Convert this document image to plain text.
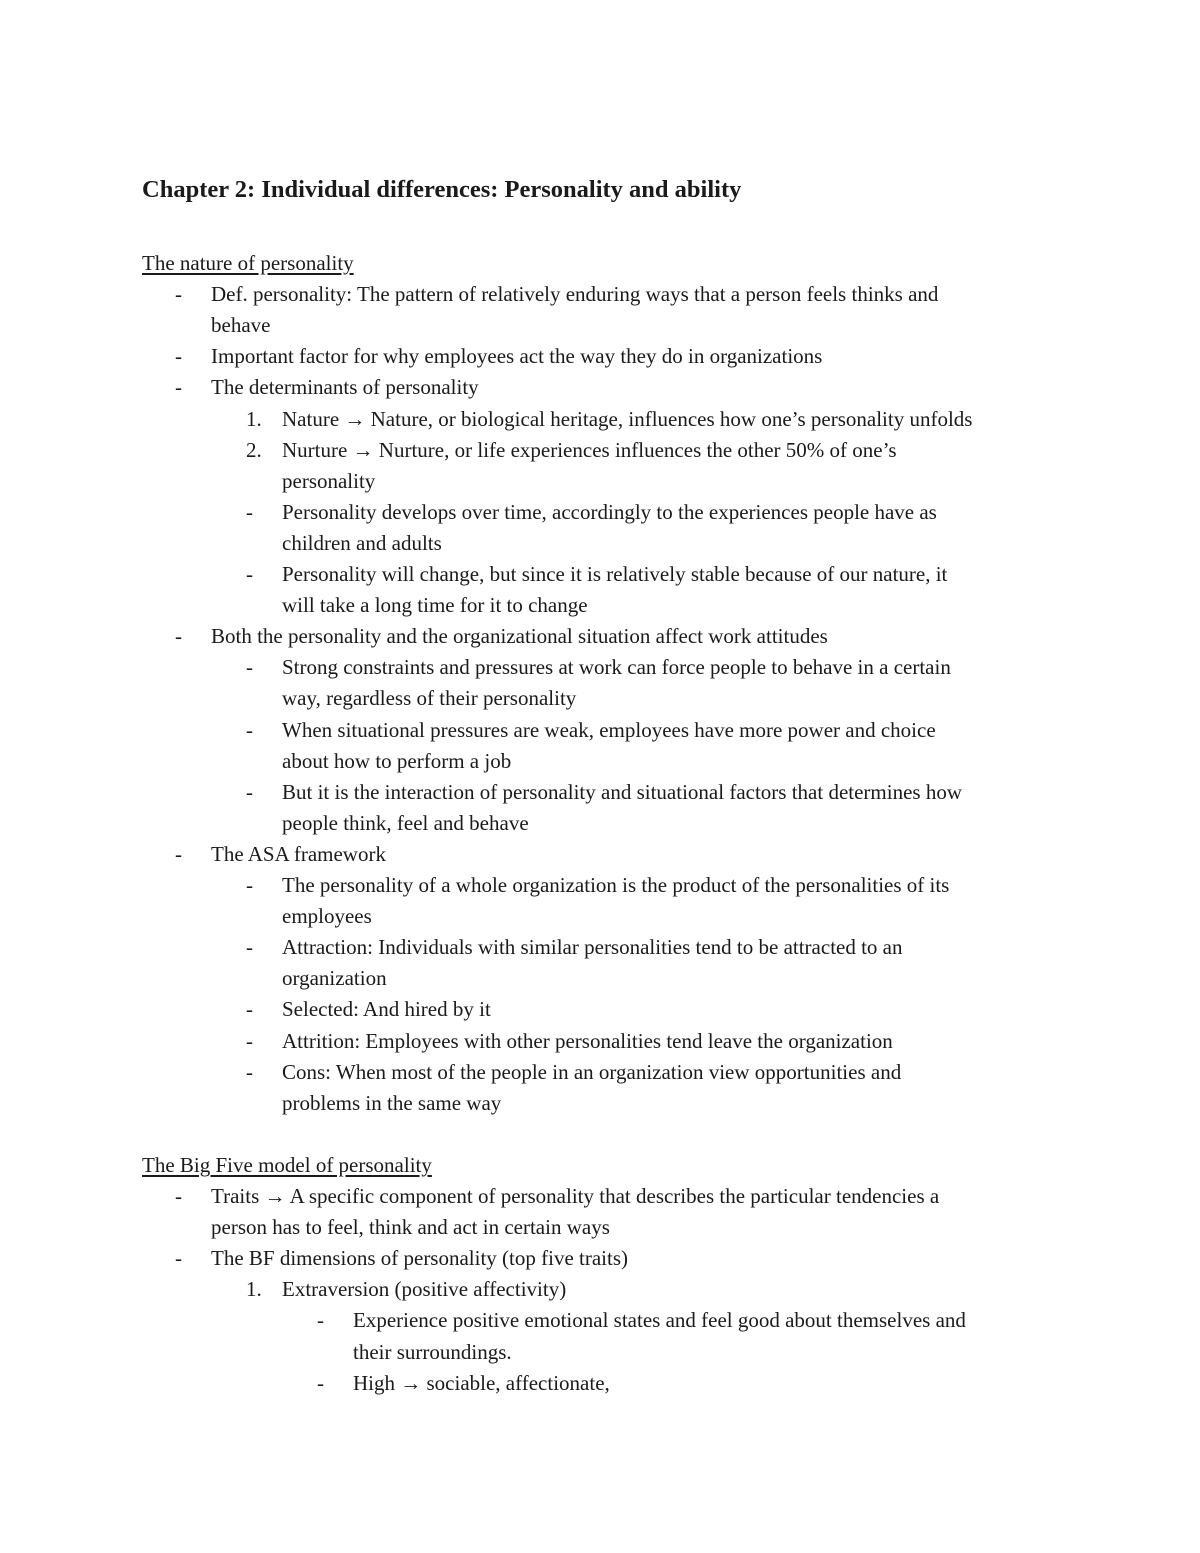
Chapter 2: Individual differences: Personality and ability
The nature of personality
- Def. personality: The pattern of relatively enduring ways that a person feels thinks and
behave
- Important factor for why employees act the way they do in organizations
- The determinants of personality
1. Nature → Nature, or biological heritage, influences how one’s personality unfolds
2. Nurture → Nurture, or life experiences influences the other 50% of one’s
personality
- Personality develops over time, accordingly to the experiences people have as
children and adults
- Personality will change, but since it is relatively stable because of our nature, it
will take a long time for it to change
- Both the personality and the organizational situation affect work attitudes
- Strong constraints and pressures at work can force people to behave in a certain
way, regardless of their personality
- When situational pressures are weak, employees have more power and choice
about how to perform a job
- But it is the interaction of personality and situational factors that determines how
people think, feel and behave
- The ASA framework
- The personality of a whole organization is the product of the personalities of its
employees
- Attraction: Individuals with similar personalities tend to be attracted to an
organization
- Selected: And hired by it
- Attrition: Employees with other personalities tend leave the organization
- Cons: When most of the people in an organization view opportunities and
problems in the same way
The Big Five model of personality
- Traits → A specific component of personality that describes the particular tendencies a
person has to feel, think and act in certain ways
- The BF dimensions of personality (top five traits)
1. Extraversion (positive affectivity)
- Experience positive emotional states and feel good about themselves and
their surroundings.
- High → sociable, affectionate,
